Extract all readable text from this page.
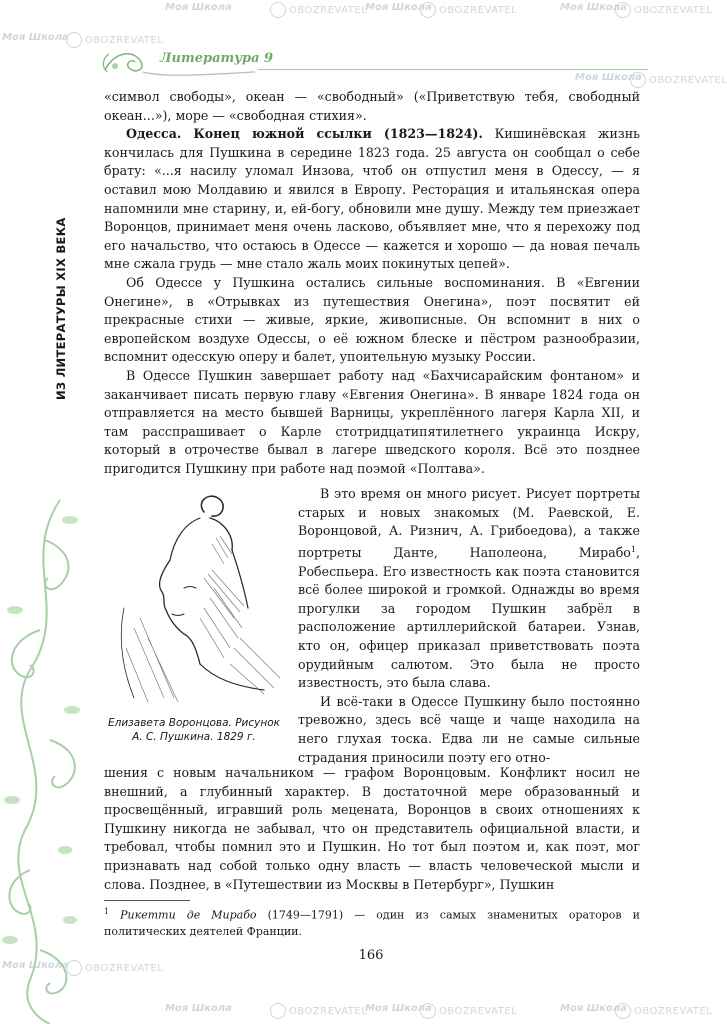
Моя Школа	OBOZREVATEL
Моя Школа OBOZREVATEL	Моя Школа OBOZREVATEL
Моя Школа	OBOZREVATEL
Моя Школа OBOZREVATEL
Моя Школа	OBOZREVATEL
Моя Школа	OBOZREVATEL
Моя Школа OBOZREVATEL	Моя Школа OBOZREVATEL
Литература 9
ИЗ ЛИТЕРАТУРЫ XIX ВЕКА

«символ свободы», океан — «свободный» («Приветствую тебя, свободный океан...»), море — «свободная стихия».

Одесса. Конец южной ссылки (1823—1824). Кишинёвская жизнь кончилась для Пушкина в середине 1823 года. 25 августа он сообщал о себе брату: «...я насилу уломал Инзова, чтоб он отпустил меня в Одессу, — я оставил мою Молдавию и явился в Европу. Ресторация и итальянская опера напомнили мне старину, и, ей-богу, обновили мне душу. Между тем приезжает Воронцов, принимает меня очень ласково, объявляет мне, что я перехожу под его начальство, что остаюсь в Одессе — кажется и хорошо — да новая печаль мне сжала грудь — мне стало жаль моих покинутых цепей».

Об Одессе у Пушкина остались сильные воспоминания. В «Евгении Онегине», в «Отрывках из путешествия Онегина», поэт посвятит ей прекрасные стихи — живые, яркие, живописные. Он вспомнит в них о европейском воздухе Одессы, о её южном блеске и пёстром разнообразии, вспомнит одесскую оперу и балет, упоительную музыку России.

В Одессе Пушкин завершает работу над «Бахчисарайским фонтаном» и заканчивает писать первую главу «Евгения Онегина». В январе 1824 года он отправляется на место бывшей Варницы, укреплённого лагеря Карла XII, и там расспрашивает о Карле стотридцатипятилетнего украинца Искру, который в отрочестве бывал в лагере шведского короля. Всё это позднее пригодится Пушкину при работе над поэмой «Полтава».

В это время он много рисует. Рисует портреты старых и новых знакомых (М. Раевской, Е. Воронцовой, А. Ризнич, А. Грибоедова), а также портреты Данте, Наполеона, Мирабо$^1$, Робеспьера. Его известность как поэта становится всё более широкой и громкой. Однажды во время прогулки за городом Пушкин забрёл в расположение артиллерийской батареи. Узнав, кто он, офицер приказал приветствовать поэта орудийным салютом. Это была не просто известность, это была слава.

И всё-таки в Одессе Пушкину было постоянно тревожно, здесь всё чаще и чаще находила на него глухая тоска. Едва ли не самые сильные страдания приносили поэту его отно-

Елизавета Воронцова. Рисунок А. С. Пушкина. 1829 г.

шения с новым начальником — графом Воронцовым. Конфликт носил не внешний, а глубинный характер. В достаточной мере образованный и просвещённый, игравший роль мецената, Воронцов в своих отношениях к Пушкину никогда не забывал, что он представитель официальной власти, и требовал, чтобы помнил это и Пушкин. Но тот был поэтом и, как поэт, мог признавать над собой только одну власть — власть человеческой мысли и слова. Позднее, в «Путешествии из Москвы в Петербург», Пушкин

$^1$ Рикетти де Мирабо (1749—1791) — один из самых знаменитых ораторов и политических деятелей Франции.
166
